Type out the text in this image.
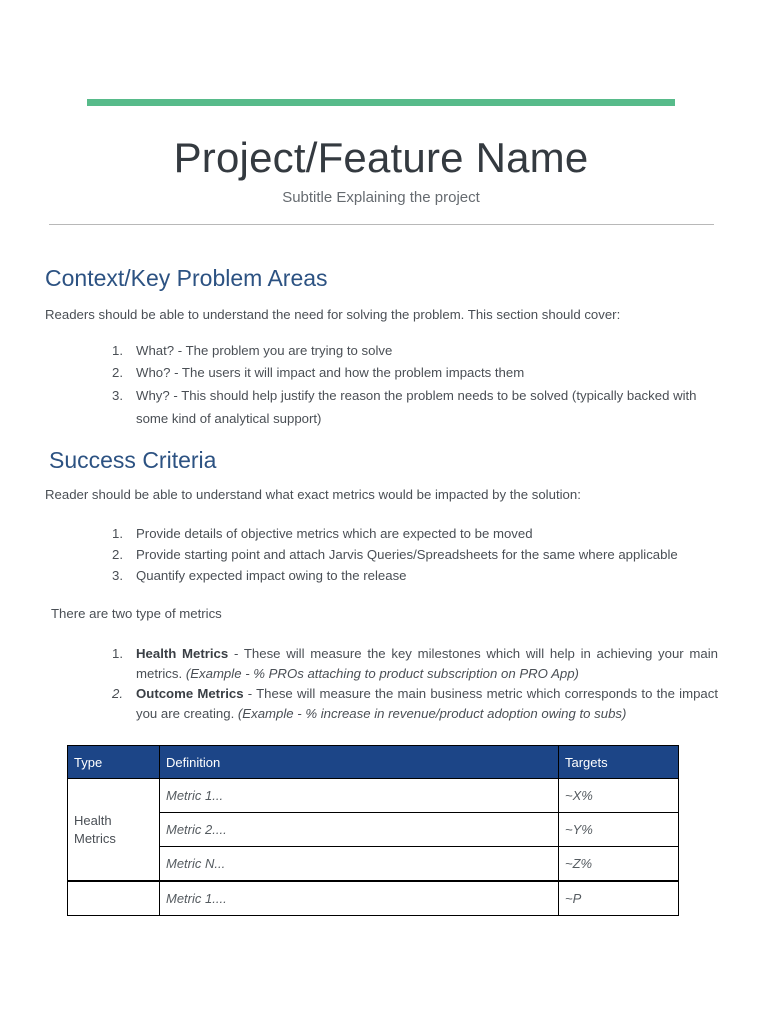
Project/Feature Name

Subtitle Explaining the project

Context/Key Problem Areas

Readers should be able to understand the need for solving the problem. This section should cover:

1. What? - The problem you are trying to solve
2. Who? - The users it will impact and how the problem impacts them
3. Why? - This should help justify the reason the problem needs to be solved (typically backed with some kind of analytical support)
Success Criteria

Reader should be able to understand what exact metrics would be impacted by the solution:

1. Provide details of objective metrics which are expected to be moved
2. Provide starting point and attach Jarvis Queries/Spreadsheets for the same where applicable
3. Quantify expected impact owing to the release

There are two type of metrics

1. Health Metrics - These will measure the key milestones which will help in achieving your main metrics. (Example - % PROs attaching to product subscription on PRO App)
2. Outcome Metrics - These will measure the main business metric which corresponds to the impact you are creating. (Example - % increase in revenue/product adoption owing to subs)
Type	Definition	Targets
Health Metrics	Metric 1...	~X%
	Metric 2....	~Y%
	Metric N...	~Z%
	Metric 1....	~P
